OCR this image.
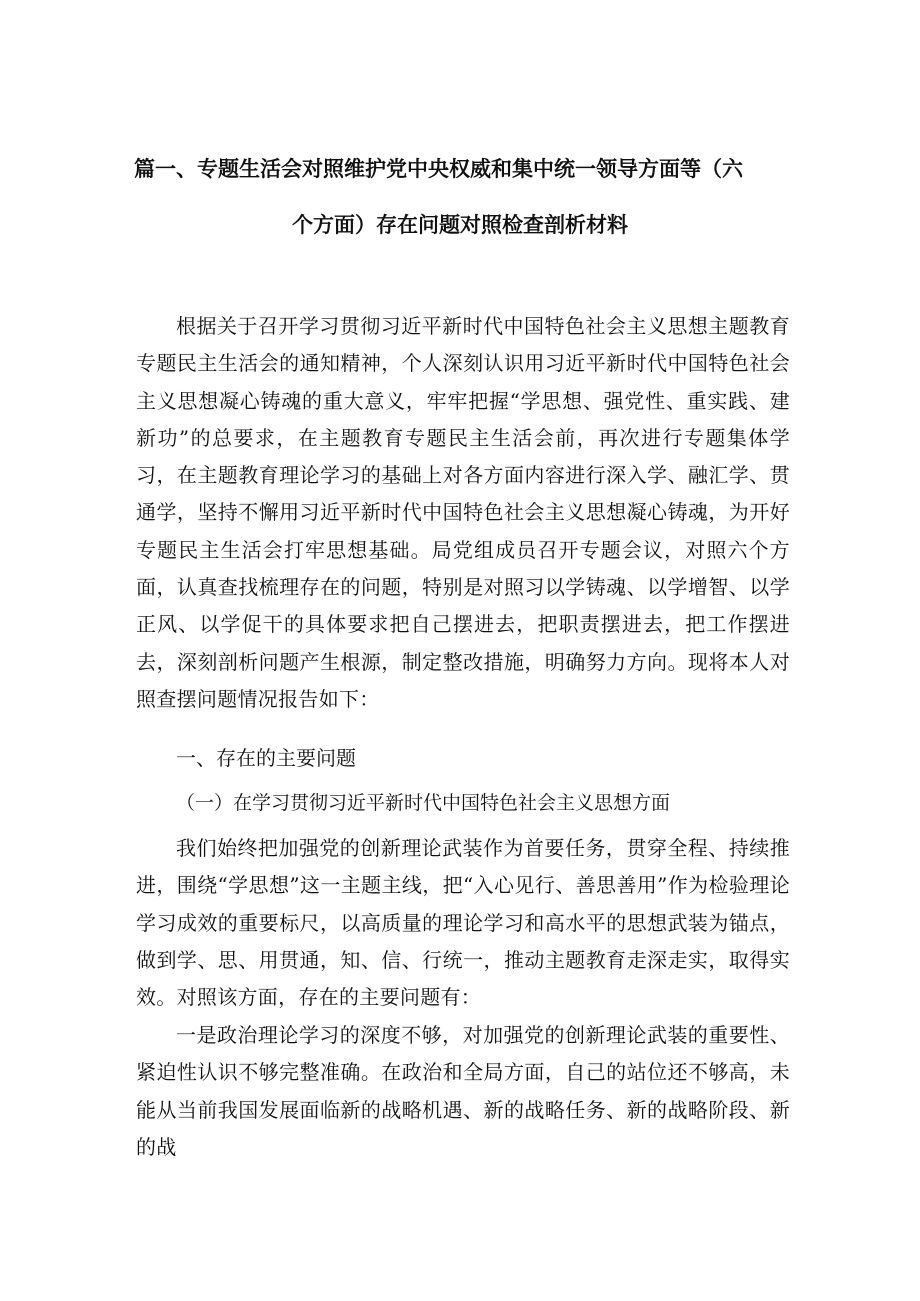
篇一、专题生活会对照维护党中央权威和集中统一领导方面等（六
个方面）存在问题对照检查剖析材料

根据关于召开学习贯彻习近平新时代中国特色社会主义思想主题教育专题民主生活会的通知精神，个人深刻认识用习近平新时代中国特色社会主义思想凝心铸魂的重大意义，牢牢把握“学思想、强党性、重实践、建新功”的总要求，在主题教育专题民主生活会前，再次进行专题集体学习，在主题教育理论学习的基础上对各方面内容进行深入学、融汇学、贯通学，坚持不懈用习近平新时代中国特色社会主义思想凝心铸魂，为开好专题民主生活会打牢思想基础。局党组成员召开专题会议，对照六个方面，认真查找梳理存在的问题，特别是对照习以学铸魂、以学增智、以学正风、以学促干的具体要求把自己摆进去，把职责摆进去，把工作摆进去，深刻剖析问题产生根源，制定整改措施，明确努力方向。现将本人对照查摆问题情况报告如下：

一、存在的主要问题
（一）在学习贯彻习近平新时代中国特色社会主义思想方面

我们始终把加强党的创新理论武装作为首要任务，贯穿全程、持续推进，围绕“学思想”这一主题主线，把“入心见行、善思善用”作为检验理论学习成效的重要标尺，以高质量的理论学习和高水平的思想武装为锚点，做到学、思、用贯通，知、信、行统一，推动主题教育走深走实，取得实效。对照该方面，存在的主要问题有：

一是政治理论学习的深度不够，对加强党的创新理论武装的重要性、紧迫性认识不够完整准确。在政治和全局方面，自己的站位还不够高，未能从当前我国发展面临新的战略机遇、新的战略任务、新的战略阶段、新的战
